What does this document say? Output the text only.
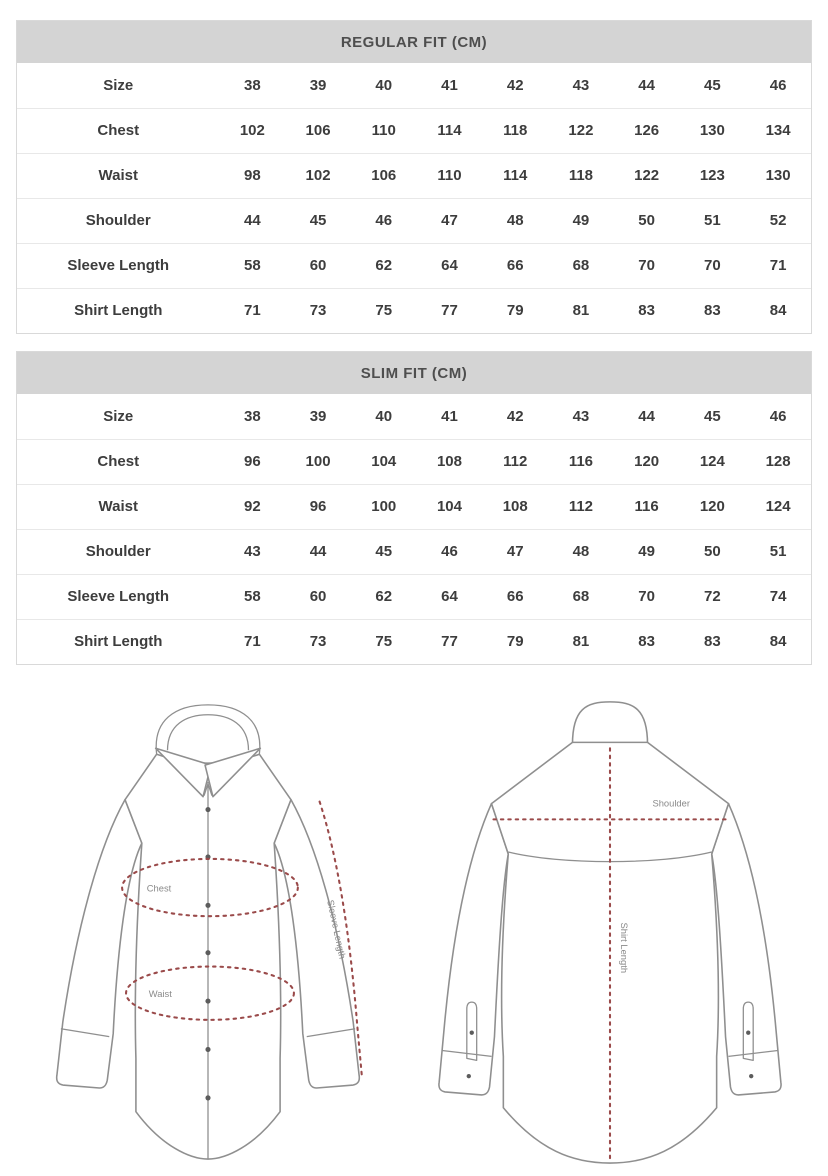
REGULAR FIT (CM)
Size	38	39	40	41	42	43	44	45	46
Chest	102	106	110	114	118	122	126	130	134
Waist	98	102	106	110	114	118	122	123	130
Shoulder	44	45	46	47	48	49	50	51	52
Sleeve Length	58	60	62	64	66	68	70	70	71
Shirt Length	71	73	75	77	79	81	83	83	84
SLIM FIT (CM)
Size	38	39	40	41	42	43	44	45	46
Chest	96	100	104	108	112	116	120	124	128
Waist	92	96	100	104	108	112	116	120	124
Shoulder	43	44	45	46	47	48	49	50	51
Sleeve Length	58	60	62	64	66	68	70	72	74
Shirt Length	71	73	75	77	79	81	83	83	84
Chest
Waist
Sleeve Length
Shoulder
Shirt Length
